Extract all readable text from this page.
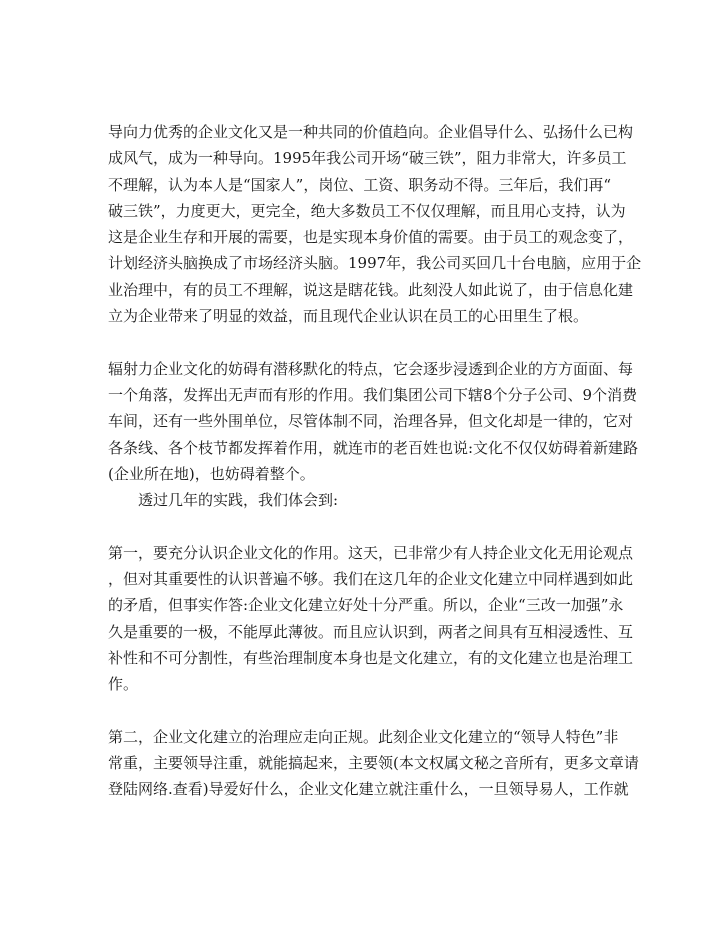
导向力优秀的企业文化又是一种共同的价值趋向。企业倡导什么、弘扬什么已构
成风气，成为一种导向。1995年我公司开场“破三铁”，阻力非常大，许多员工
不理解，认为本人是“国家人”，岗位、工资、职务动不得。三年后，我们再“
破三铁”，力度更大，更完全，绝大多数员工不仅仅理解，而且用心支持，认为
这是企业生存和开展的需要，也是实现本身价值的需要。由于员工的观念变了，
计划经济头脑换成了市场经济头脑。1997年，我公司买回几十台电脑，应用于企
业治理中，有的员工不理解，说这是瞎花钱。此刻没人如此说了，由于信息化建
立为企业带来了明显的效益，而且现代企业认识在员工的心田里生了根。
辐射力企业文化的妨碍有潜移默化的特点，它会逐步浸透到企业的方方面面、每
一个角落，发挥出无声而有形的作用。我们集团公司下辖8个分子公司、9个消费
车间，还有一些外围单位，尽管体制不同，治理各异，但文化却是一律的，它对
各条线、各个枝节都发挥着作用，就连市的老百姓也说:文化不仅仅妨碍着新建路
(企业所在地)，也妨碍着整个。
透过几年的实践，我们体会到:
第一，要充分认识企业文化的作用。这天，已非常少有人持企业文化无用论观点
，但对其重要性的认识普遍不够。我们在这几年的企业文化建立中同样遇到如此
的矛盾，但事实作答:企业文化建立好处十分严重。所以，企业“三改一加强”永
久是重要的一极，不能厚此薄彼。而且应认识到，两者之间具有互相浸透性、互
补性和不可分割性，有些治理制度本身也是文化建立，有的文化建立也是治理工
作。
第二，企业文化建立的治理应走向正规。此刻企业文化建立的“领导人特色”非
常重，主要领导注重，就能搞起来，主要领(本文权属文秘之音所有，更多文章请
登陆网络.查看)导爱好什么，企业文化建立就注重什么，一旦领导易人，工作就
